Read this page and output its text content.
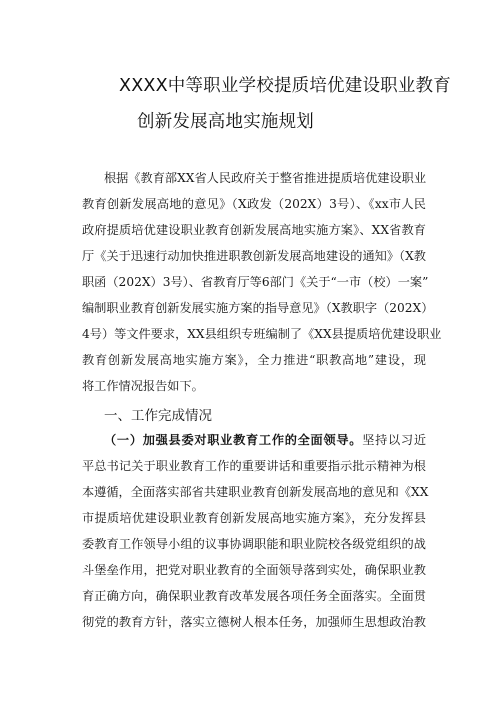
XXXX中等职业学校提质培优建设职业教育
创新发展高地实施规划
根据《教育部XX省人民政府关于整省推进提质培优建设职业
教育创新发展高地的意见》（X政发（202X）3号）、《xx市人民
政府提质培优建设职业教育创新发展高地实施方案》、XX省教育
厅《关于迅速行动加快推进职教创新发展高地建设的通知》（X教
职函（202X）3号）、省教育厅等6部门《关于“一市（校）一案”
编制职业教育创新发展实施方案的指导意见》（X教职字（202X）
4号）等文件要求，XX县组织专班编制了《XX县提质培优建设职业
教育创新发展高地实施方案》，全力推进“职教高地”建设，现
将工作情况报告如下。
一、工作完成情况
（一）加强县委对职业教育工作的全面领导。坚持以习近
平总书记关于职业教育工作的重要讲话和重要指示批示精神为根
本遵循，全面落实部省共建职业教育创新发展高地的意见和《XX
市提质培优建设职业教育创新发展高地实施方案》，充分发挥县
委教育工作领导小组的议事协调职能和职业院校各级党组织的战
斗堡垒作用，把党对职业教育的全面领导落到实处，确保职业教
育正确方向，确保职业教育改革发展各项任务全面落实。全面贯
彻党的教育方针，落实立德树人根本任务，加强师生思想政治教
